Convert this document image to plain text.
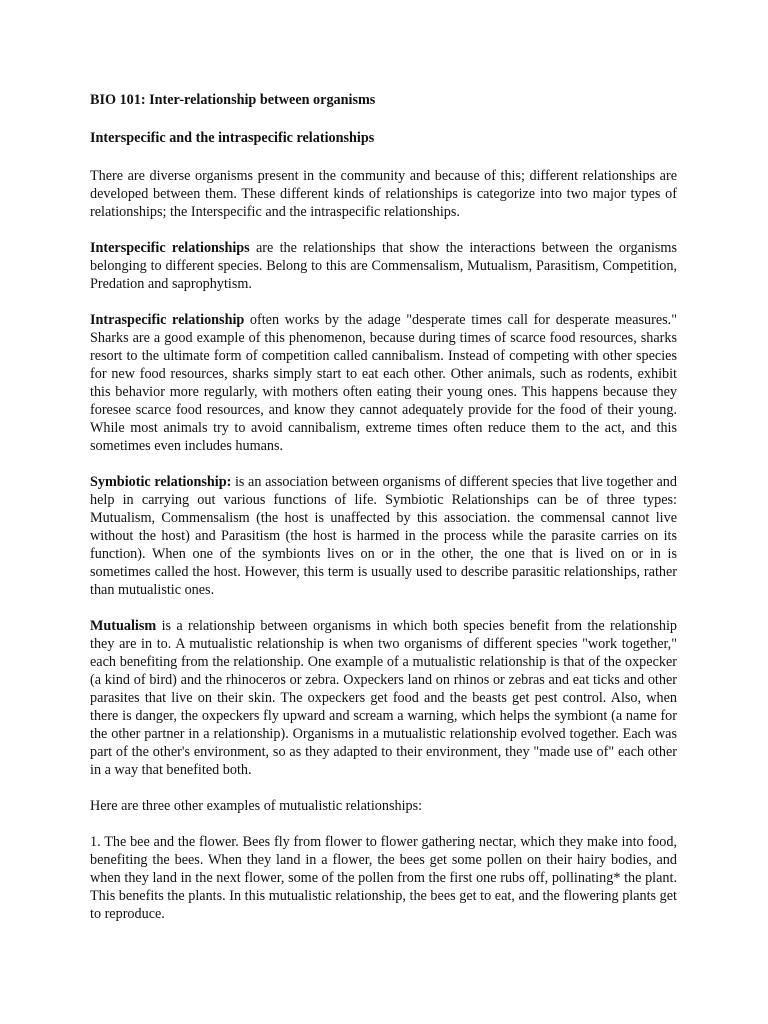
BIO 101: Inter-relationship between organisms
Interspecific and the intraspecific relationships

There are diverse organisms present in the community and because of this; different relationships are developed between them. These different kinds of relationships is categorize into two major types of relationships; the Interspecific and the intraspecific relationships.

Interspecific relationships are the relationships that show the interactions between the organisms belonging to different species. Belong to this are Commensalism, Mutualism, Parasitism, Competition, Predation and saprophytism.

Intraspecific relationship often works by the adage "desperate times call for desperate measures." Sharks are a good example of this phenomenon, because during times of scarce food resources, sharks resort to the ultimate form of competition called cannibalism. Instead of competing with other species for new food resources, sharks simply start to eat each other. Other animals, such as rodents, exhibit this behavior more regularly, with mothers often eating their young ones. This happens because they foresee scarce food resources, and know they cannot adequately provide for the food of their young. While most animals try to avoid cannibalism, extreme times often reduce them to the act, and this sometimes even includes humans.

Symbiotic relationship: is an association between organisms of different species that live together and help in carrying out various functions of life. Symbiotic Relationships can be of three types: Mutualism, Commensalism (the host is unaffected by this association. the commensal cannot live without the host) and Parasitism (the host is harmed in the process while the parasite carries on its function). When one of the symbionts lives on or in the other, the one that is lived on or in is sometimes called the host. However, this term is usually used to describe parasitic relationships, rather than mutualistic ones.

Mutualism is a relationship between organisms in which both species benefit from the relationship they are in to. A mutualistic relationship is when two organisms of different species "work together," each benefiting from the relationship. One example of a mutualistic relationship is that of the oxpecker (a kind of bird) and the rhinoceros or zebra. Oxpeckers land on rhinos or zebras and eat ticks and other parasites that live on their skin. The oxpeckers get food and the beasts get pest control. Also, when there is danger, the oxpeckers fly upward and scream a warning, which helps the symbiont (a name for the other partner in a relationship). Organisms in a mutualistic relationship evolved together. Each was part of the other's environment, so as they adapted to their environment, they "made use of" each other in a way that benefited both.

Here are three other examples of mutualistic relationships:

1. The bee and the flower. Bees fly from flower to flower gathering nectar, which they make into food, benefiting the bees. When they land in a flower, the bees get some pollen on their hairy bodies, and when they land in the next flower, some of the pollen from the first one rubs off, pollinating* the plant. This benefits the plants. In this mutualistic relationship, the bees get to eat, and the flowering plants get to reproduce.
